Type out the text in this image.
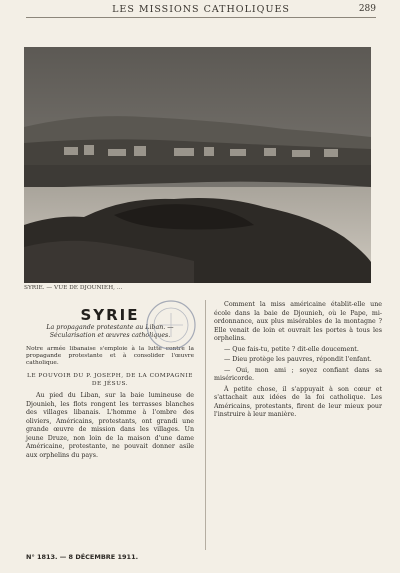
LES MISSIONS CATHOLIQUES	289
SYRIE. — VUE DE DJOUNIEH, ...
SYRIE
La propagande protestante au Liban. — Sécularisation et œuvres catholiques.
Notre armée libanaise s'emploie à la lutte contre la propagande protestante et à consolider l'œuvre catholique.
LE POUVOIR DU P. JOSEPH, DE LA COMPAGNIE DE JÉSUS.

Au pied du Liban, sur la baie lumineuse de Djounieh, les flots rongent les terrasses blanches des villages libanais. L'homme à l'ombre des oliviers, Américains, protestants, ont grandi une grande œuvre de mission dans les villages. Un jeune Druze, non loin de la maison d'une dame Américaine, protestante, ne pouvait donner asile aux orphelins du pays.

Comment la miss américaine établit-elle une école dans la baie de Djounieh, où le Pape, mi-ordonnance, aux plus misérables de la montagne ? Elle venait de loin et ouvrait les portes à tous les orphelins.

— Que fais-tu, petite ? dit-elle doucement.

— Dieu protège les pauvres, répondit l'enfant.

— Oui, mon ami ; soyez confiant dans sa miséricorde.

À petite chose, il s'appuyait à son cœur et s'attachait aux idées de la foi catholique. Les Américains, protestants, firent de leur mieux pour l'instruire à leur manière.

N° 1813. — 8 DÉCEMBRE 1911.
